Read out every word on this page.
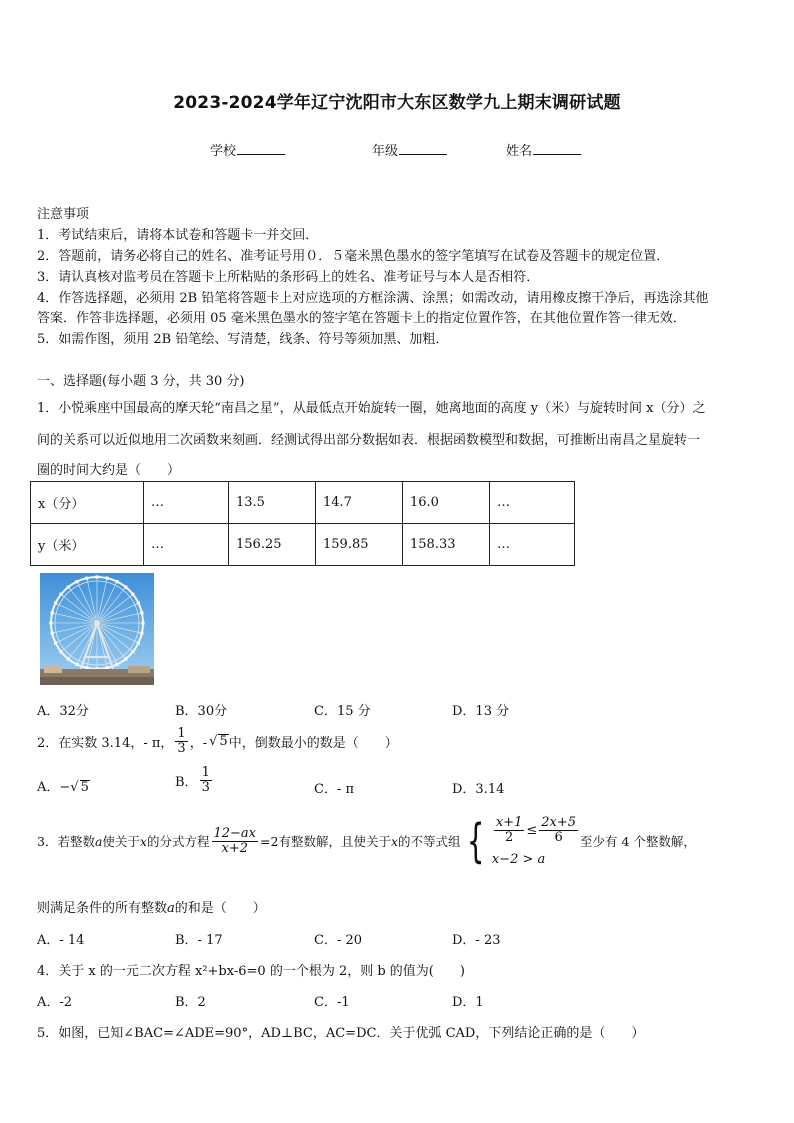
2023-2024学年辽宁沈阳市大东区数学九上期末调研试题
学校	年级	姓名
注意事项
1．考试结束后，请将本试卷和答题卡一并交回．
2．答题前，请务必将自己的姓名、准考证号用０．５毫米黑色墨水的签字笔填写在试卷及答题卡的规定位置．
3．请认真核对监考员在答题卡上所粘贴的条形码上的姓名、准考证号与本人是否相符．
4．作答选择题，必须用 2B 铅笔将答题卡上对应选项的方框涂满、涂黑；如需改动，请用橡皮擦干净后，再选涂其他
答案．作答非选择题，必须用 05 毫米黑色墨水的签字笔在答题卡上的指定位置作答，在其他位置作答一律无效．
5．如需作图，须用 2B 铅笔绘、写清楚，线条、符号等须加黑、加粗．
一、选择题(每小题 3 分，共 30 分)
1．小悦乘座中国最高的摩天轮“南昌之星”，从最低点开始旋转一圈，她离地面的高度 y（米）与旋转时间 x（分）之
间的关系可以近似地用二次函数来刻画．经测试得出部分数据如表．根据函数模型和数据，可推断出南昌之星旋转一
圈的时间大约是（　　）
x（分）	…	13.5	14.7	16.0	…
y（米）	…	156.25	159.85	158.33	…
A．32分	B．30分	C．15 分	D．13 分
2．在实数 3.14，- π， $\frac{1}{3}$ ，- √ 5 中，倒数最小的数是（　　）
A．−√ 5	B． $\frac{1}{3}$	C．- π	D．3.14
3．若整数 a 使关于 x 的分式方程 $\frac{12-ax}{x+2} =2$ 有整数解，且使关于 x 的不等式组 { $\frac{x+1}{2} \le \frac{2x+5}{6}$
x−2 > a
至少有 4 个整数解，
则满足条件的所有整数a的和是（　　）
A．- 14	B．- 17	C．- 20	D．- 23
4．关于 x 的一元二次方程 x²+bx-6=0 的一个根为 2，则 b 的值为(　　)
A．-2	B．2	C．-1	D．1
5．如图，已知∠BAC=∠ADE=90°，AD⊥BC，AC=DC．关于优弧 CAD，下列结论正确的是（　　）
